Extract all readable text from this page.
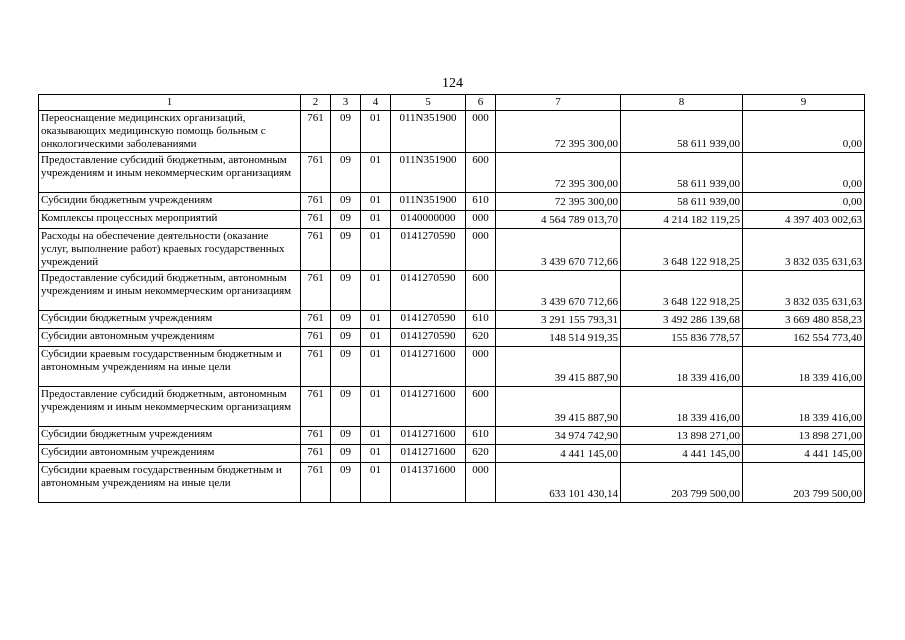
124
1	2	3	4	5	6	7	8	9
Переоснащение медицинских организаций, оказывающих медицинскую помощь больным с онкологическими заболеваниями	761	09	01	011N351900	000	72 395 300,00	58 611 939,00	0,00
Предоставление субсидий бюджетным, автономным учреждениям и иным некоммерческим организациям	761	09	01	011N351900	600	72 395 300,00	58 611 939,00	0,00
Субсидии бюджетным учреждениям	761	09	01	011N351900	610	72 395 300,00	58 611 939,00	0,00
Комплексы процессных мероприятий	761	09	01	0140000000	000	4 564 789 013,70	4 214 182 119,25	4 397 403 002,63
Расходы на обеспечение деятельности (оказание услуг, выполнение работ) краевых государственных учреждений	761	09	01	0141270590	000	3 439 670 712,66	3 648 122 918,25	3 832 035 631,63
Предоставление субсидий бюджетным, автономным учреждениям и иным некоммерческим организациям	761	09	01	0141270590	600	3 439 670 712,66	3 648 122 918,25	3 832 035 631,63
Субсидии бюджетным учреждениям	761	09	01	0141270590	610	3 291 155 793,31	3 492 286 139,68	3 669 480 858,23
Субсидии автономным учреждениям	761	09	01	0141270590	620	148 514 919,35	155 836 778,57	162 554 773,40
Субсидии краевым государственным бюджетным и автономным учреждениям на иные цели	761	09	01	0141271600	000	39 415 887,90	18 339 416,00	18 339 416,00
Предоставление субсидий бюджетным, автономным учреждениям и иным некоммерческим организациям	761	09	01	0141271600	600	39 415 887,90	18 339 416,00	18 339 416,00
Субсидии бюджетным учреждениям	761	09	01	0141271600	610	34 974 742,90	13 898 271,00	13 898 271,00
Субсидии автономным учреждениям	761	09	01	0141271600	620	4 441 145,00	4 441 145,00	4 441 145,00
Субсидии краевым государственным бюджетным и автономным учреждениям на иные цели	761	09	01	0141371600	000	633 101 430,14	203 799 500,00	203 799 500,00
